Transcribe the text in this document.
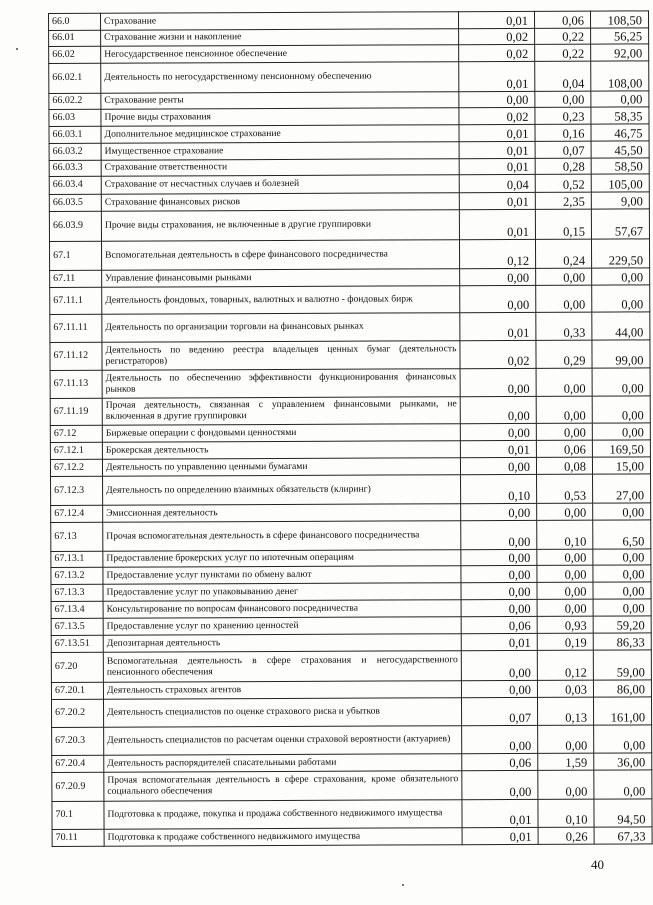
66.0	Страхование	0,01	0,06	108,50
66.01	Страхование жизни и накопление	0,02	0,22	56,25
66.02	Негосударственное пенсионное обеспечение	0,02	0,22	92,00
66.02.1	Деятельность по негосударственному пенсионному обеспечению	0,01	0,04	108,00
66.02.2	Страхование ренты	0,00	0,00	0,00
66.03	Прочие виды страхования	0,02	0,23	58,35
66.03.1	Дополнительное медицинское страхование	0,01	0,16	46,75
66.03.2	Имущественное страхование	0,01	0,07	45,50
66.03.3	Страхование ответственности	0,01	0,28	58,50
66.03.4	Страхование от несчастных случаев и болезней	0,04	0,52	105,00
66.03.5	Страхование финансовых рисков	0,01	2,35	9,00
66.03.9	Прочие виды страхования, не включенные в другие группировки	0,01	0,15	57,67
67.1	Вспомогательная деятельность в сфере финансового посредничества	0,12	0,24	229,50
67.11	Управление финансовыми рынками	0,00	0,00	0,00
67.11.1	Деятельность фондовых, товарных, валютных и валютно - фондовых бирж	0,00	0,00	0,00
67.11.11	Деятельность по организации торговли на финансовых рынках	0,01	0,33	44,00
67.11.12	Деятельность по ведению реестра владельцев ценных бумаг (деятельность регистраторов)	0,02	0,29	99,00
67.11.13	Деятельность по обеспечению эффективности функционирования финансовых рынков	0,00	0,00	0,00
67.11.19	Прочая деятельность, связанная с управлением финансовыми рынками, не включенная в другие группировки	0,00	0,00	0,00
67.12	Биржевые операции с фондовыми ценностями	0,00	0,00	0,00
67.12.1	Брокерская деятельность	0,01	0,06	169,50
67.12.2	Деятельность по управлению ценными бумагами	0,00	0,08	15,00
67.12.3	Деятельность по определению взаимных обязательств (клиринг)	0,10	0,53	27,00
67.12.4	Эмиссионная деятельность	0,00	0,00	0,00
67.13	Прочая вспомогательная деятельность в сфере финансового посредничества	0,00	0,10	6,50
67.13.1	Предоставление брокерских услуг по ипотечным операциям	0,00	0,00	0,00
67.13.2	Предоставление услуг пунктами по обмену валют	0,00	0,00	0,00
67.13.3	Предоставление услуг по упаковыванию денег	0,00	0,00	0,00
67.13.4	Консультирование по вопросам финансового посредничества	0,00	0,00	0,00
67.13.5	Предоставление услуг по хранению ценностей	0,06	0,93	59,20
67.13.51	Депозитарная деятельность	0,01	0,19	86,33
67.20	Вспомогательная деятельность в сфере страхования и негосударственного пенсионного обеспечения	0,00	0,12	59,00
67.20.1	Деятельность страховых агентов	0,00	0,03	86,00
67.20.2	Деятельность специалистов по оценке страхового риска и убытков	0,07	0,13	161,00
67.20.3	Деятельность специалистов по расчетам оценки страховой вероятности (актуариев)	0,00	0,00	0,00
67.20.4	Деятельность распорядителей спасательными работами	0,06	1,59	36,00
67.20.9	Прочая вспомогательная деятельность в сфере страхования, кроме обязательного социального обеспечения	0,00	0,00	0,00
70.1	Подготовка к продаже, покупка и продажа собственного недвижимого имущества	0,01	0,10	94,50
70.11	Подготовка к продаже собственного недвижимого имущества	0,01	0,26	67,33
40
